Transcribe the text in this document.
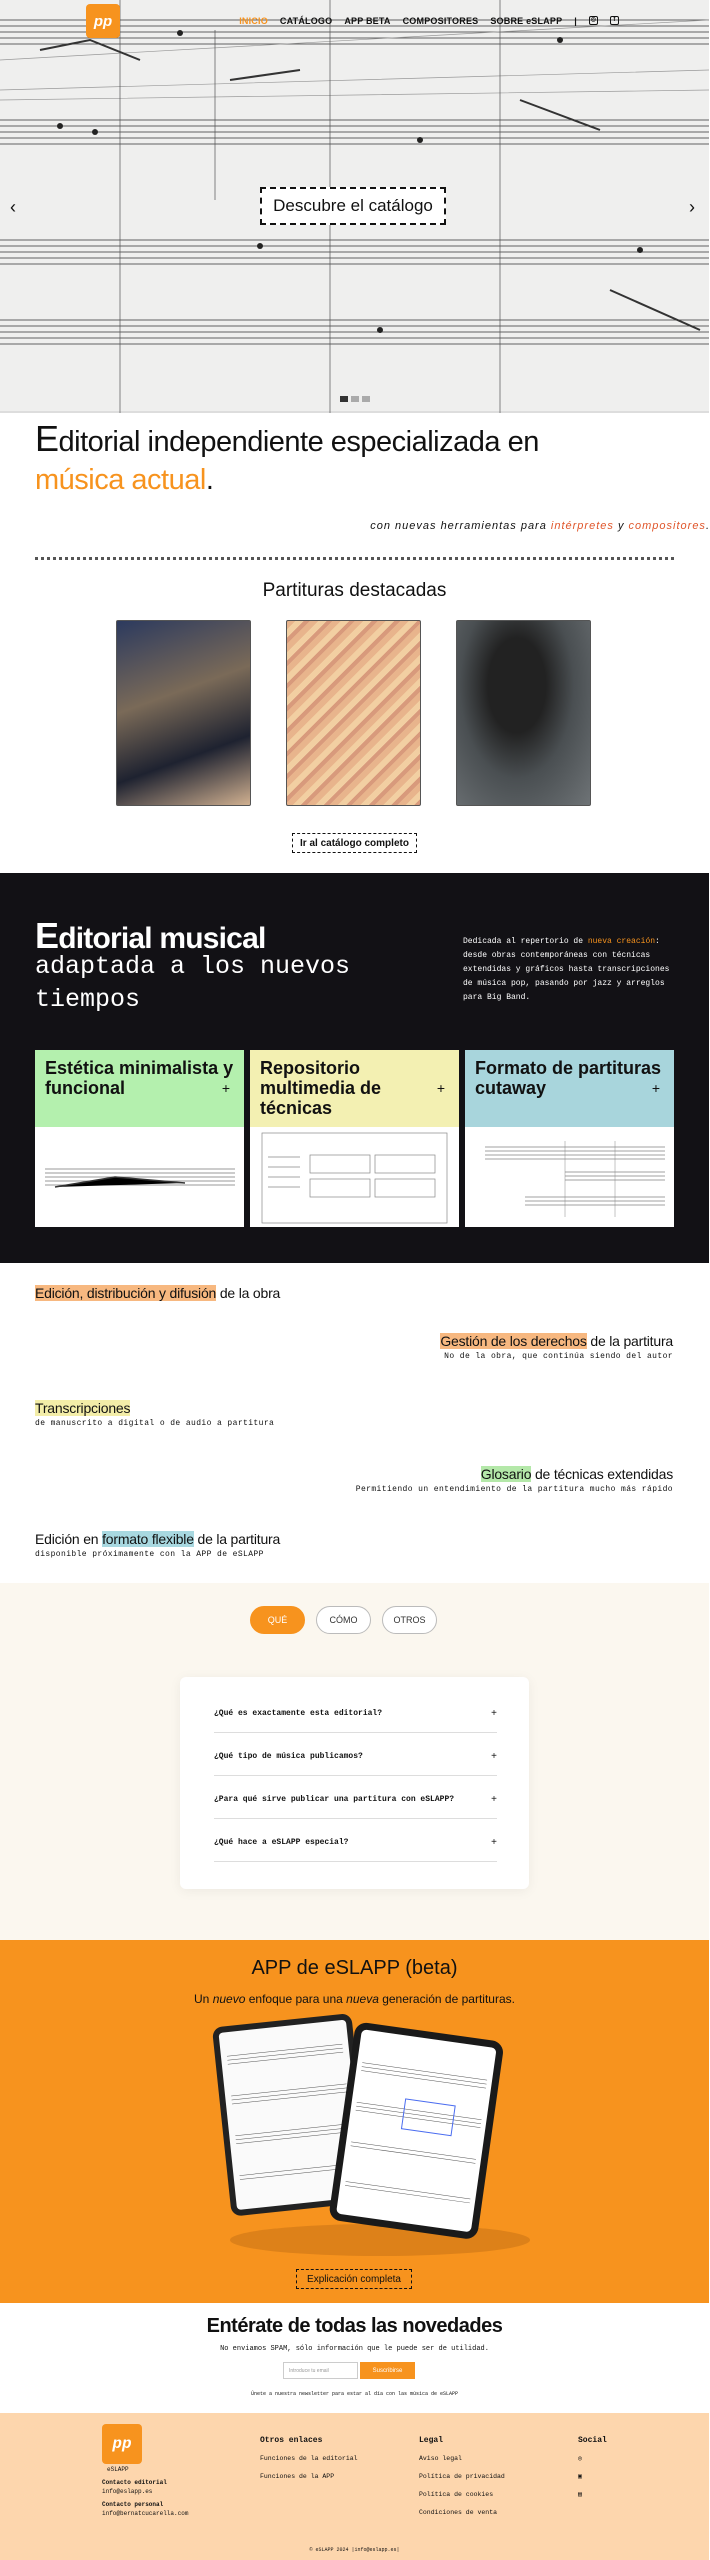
‹	›
Descubre el catálogo
pp	INICIO CATÁLOGO APP BETA COMPOSITORES SOBRE eSLAPP | ◎	f
Editorial independiente especializada en
música actual.
con nuevas herramientas para intérpretes y compositores.
Partituras destacadas
Ir al catálogo completo
Editorial musical
adaptada a los nuevos tiempos
Dedicada al repertorio de nueva creación: desde obras contemporáneas con técnicas extendidas y gráficos hasta transcripciones de música pop, pasando por jazz y arreglos para Big Band.
Estética minimalista y funcional	+
ASssMRrrrst
Repositorio multimedia de técnicas
+
Guía de notación
Formato de partituras cutaway	+
Edición, distribución y difusión de la obra
Gestión de los derechos de la partitura
No de la obra, que continúa siendo del autor
Transcripciones
de manuscrito a digital o de audio a partitura
Glosario de técnicas extendidas
Permitiendo un entendimiento de la partitura mucho más rápido
Edición en formato flexible de la partitura
disponible próximamente con la APP de eSLAPP
QUÉ	CÓMO	OTROS
¿Qué es exactamente esta editorial?	+
¿Qué tipo de música publicamos?	+
¿Para qué sirve publicar una partitura con eSLAPP?	+
¿Qué hace a eSLAPP especial?	+
APP de eSLAPP (beta)
Un nuevo enfoque para una nueva generación de partituras.
Explicación completa
Entérate de todas las novedades
No enviamos SPAM, sólo información que le puede ser de utilidad.
Introduce tu email	Suscribirse
Únete a nuestra newsletter para estar al día con las música de eSLAPP
pp
eSLAPP
Contacto editorial
info@eslapp.es
Contacto personal
info@bernatcucarella.com
Otros enlaces
Funciones de la editorial
Funciones de la APP
Legal
Aviso legal
Política de privacidad
Política de cookies
Condiciones de venta
Social
◎
▣
▤
© eSLAPP 2024 |info@eslapp.es|
